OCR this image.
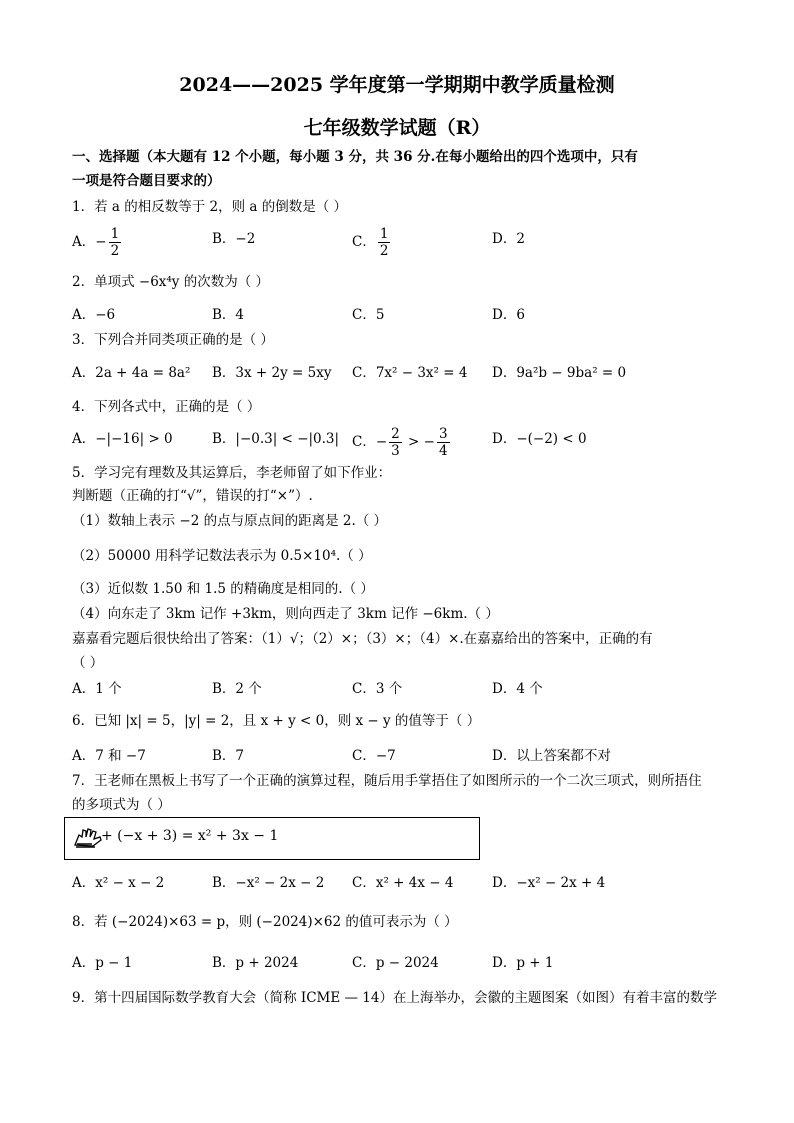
2024——2025 学年度第一学期期中教学质量检测
七年级数学试题（R）
一、选择题（本大题有 12 个小题，每小题 3 分，共 36 分.在每小题给出的四个选项中，只有
一项是符合题目要求的）
1．若 a 的相反数等于 2，则 a 的倒数是（ ）
A．− $\frac{1}{2}$	B．−2	C． $\frac{1}{2}$	D．2
2．单项式 −6x⁴y 的次数为（ ）
A．−6	B．4	C．5	D．6
3．下列合并同类项正确的是（ ）
A．2a + 4a = 8a² B．3x + 2y = 5xy C．7x² − 3x² = 4 D．9a²b − 9ba² = 0
4．下列各式中，正确的是（ ）
A．−|−16| > 0	B．|−0.3| < −|0.3| C．− $\frac{2}{3}$ > − $\frac{3}{4}$	D．−(−2) < 0
5．学习完有理数及其运算后，李老师留了如下作业：
判断题（正确的打“√”，错误的打“×”）.
（1）数轴上表示 −2 的点与原点间的距离是 2.（ ）
（2）50000 用科学记数法表示为 0.5×10⁴.（ ）
（3）近似数 1.50 和 1.5 的精确度是相同的.（ ）
（4）向东走了 3km 记作 +3km，则向西走了 3km 记作 −6km.（ ）
嘉嘉看完题后很快给出了答案：（1）√；（2）×；（3）×；（4）×.在嘉嘉给出的答案中，正确的有
（ ）
A．1 个	B．2 个	C．3 个	D．4 个
6．已知 |x| = 5，|y| = 2，且 x + y < 0，则 x − y 的值等于（ ）
A．7 和 −7	B．7	C．−7	D．以上答案都不对
7．王老师在黑板上书写了一个正确的演算过程，随后用手掌捂住了如图所示的一个二次三项式，则所捂住
的多项式为（ ）
+ (−x + 3) = x² + 3x − 1
A．x² − x − 2	B．−x² − 2x − 2 C．x² + 4x − 4	D．−x² − 2x + 4
8．若 (−2024)×63 = p，则 (−2024)×62 的值可表示为（ ）
A．p − 1	B．p + 2024	C．p − 2024	D．p + 1
9．第十四届国际数学教育大会（简称 ICME — 14）在上海举办，会徽的主题图案（如图）有着丰富的数学
